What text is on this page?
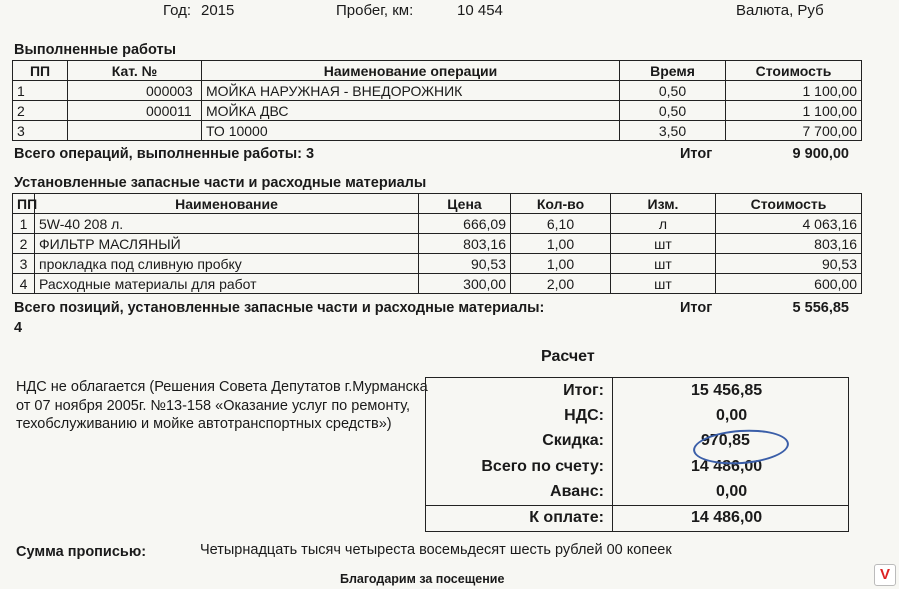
Год: 2015	Пробег, км:	10 454	Валюта, Руб
Выполненные работы
ПП	Кат. №	Наименование операции	Время	Стоимость
1	000003	МОЙКА НАРУЖНАЯ - ВНЕДОРОЖНИК	0,50	1 100,00
2	000011	МОЙКА ДВС	0,50	1 100,00
3		ТО 10000	3,50	7 700,00
Всего операций, выполненные работы: 3	Итог	9 900,00
Установленные запасные части и расходные материалы
ПП	Наименование	Цена	Кол-во	Изм.	Стоимость
1	5W-40 208 л.	666,09	6,10	л	4 063,16
2	ФИЛЬТР МАСЛЯНЫЙ	803,16	1,00	шт	803,16
3	прокладка под сливную пробку	90,53	1,00	шт	90,53
4	Расходные материалы для работ	300,00	2,00	шт	600,00
Всего позиций, установленные запасные части и расходные материалы:
4
Итог	5 556,85
НДС не облагается (Решения Совета Депутатов г.Мурманска от 07 ноября 2005г. №13-158 «Оказание услуг по ремонту, техобслуживанию и мойке автотранспортных средств»)
Расчет
Итог:	15 456,85
НДС:	0,00
Скидка:	970,85
Всего по счету:	14 486,00
Аванс:	0,00
К оплате:	14 486,00
Сумма прописью:	Четырнадцать тысяч четыреста восемьдесят шесть рублей 00 копеек
Благодарим за посещение	V
